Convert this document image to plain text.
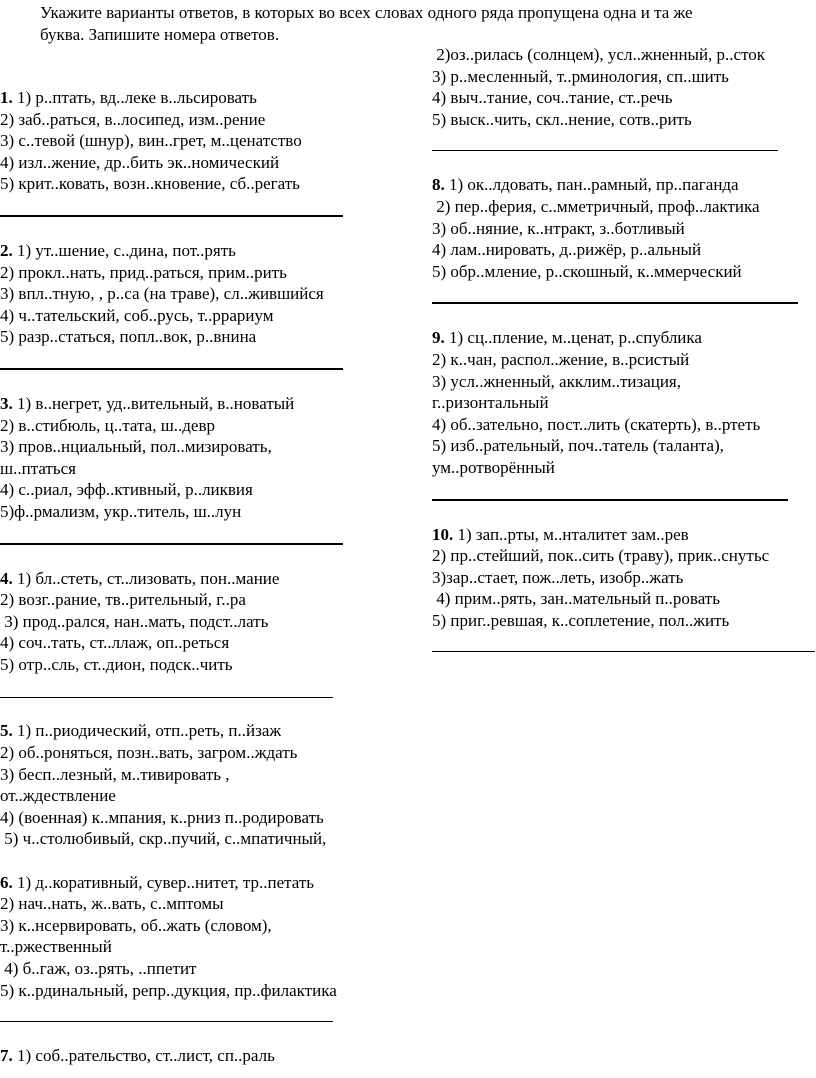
Укажите варианты ответов, в которых во всех словах одного ряда пропущена одна и та же
буква. Запишите номера ответов.
1. 1) р..птать, вд..леке в..льсировать
2) заб..раться, в..лосипед, изм..рение
3) с..тевой (шнур), вин..грет, м..ценатство
4) изл..жение, др..бить эк..номический
5) крит..ковать, возн..кновение, сб..регать
2. 1) ут..шение, с..дина, пот..рять
2) прокл..нать, прид..раться, прим..рить
3) впл..тную, , р..са (на траве), сл..жившийся
4) ч..тательский, соб..русь, т..ррариум
5) разр..статься, попл..вок, р..внина
3. 1) в..негрет, уд..вительный, в..новатый
2) в..стибюль, ц..тата, ш..девр
3) пров..нциальный, пол..мизировать,
ш..птаться
4) с..риал, эфф..ктивный, р..ликвия
5)ф..рмализм, укр..титель, ш..лун
4. 1) бл..стеть, ст..лизовать, пон..мание
2) возг..рание, тв..рительный, г..ра
3) прод..рался, нан..мать, подст..лать
4) соч..тать, ст..ллаж, оп..реться
5) отр..сль, ст..дион, подск..чить
5. 1) п..риодический, отп..реть, п..йзаж
2) об..роняться, позн..вать, загром..ждать
3) бесп..лезный, м..тивировать ,
от..ждествление
4) (военная) к..мпания, к..рниз п..родировать
5) ч..столюбивый, скр..пучий, с..мпатичный,
6. 1) д..коративный, сувер..нитет, тр..петать
2) нач..нать, ж..вать, с..мптомы
3) к..нсервировать, об..жать (словом),
т..ржественный
4) б..гаж, оз..рять, ..ппетит
5) к..рдинальный, репр..дукция, пр..филактика
7. 1) соб..рательство, ст..лист, сп..раль
2)оз..рилась (солнцем), усл..жненный, р..сток
3) р..месленный, т..рминология, сп..шить
4) выч..тание, соч..тание, ст..речь
5) выск..чить, скл..нение, сотв..рить
8. 1) ок..лдовать, пан..рамный, пр..паганда
2) пер..ферия, с..мметричный, проф..лактика
3) об..няние, к..нтракт, з..ботливый
4) лам..нировать, д..рижёр, р..альный
5) обр..мление, р..скошный, к..ммерческий
9. 1) сц..пление, м..ценат, р..спублика
2) к..чан, распол..жение, в..рсистый
3) усл..жненный, акклим..тизация,
г..ризонтальный
4) об..зательно, пост..лить (скатерть), в..ртеть
5) изб..рательный, поч..татель (таланта),
ум..ротворённый
10. 1) зап..рты, м..нталитет зам..рев
2) пр..стейший, пок..сить (траву), прик..снутьс
3)зар..стает, пож..леть, изобр..жать
4) прим..рять, зан..мательный п..ровать
5) приг..ревшая, к..соплетение, пол..жить
